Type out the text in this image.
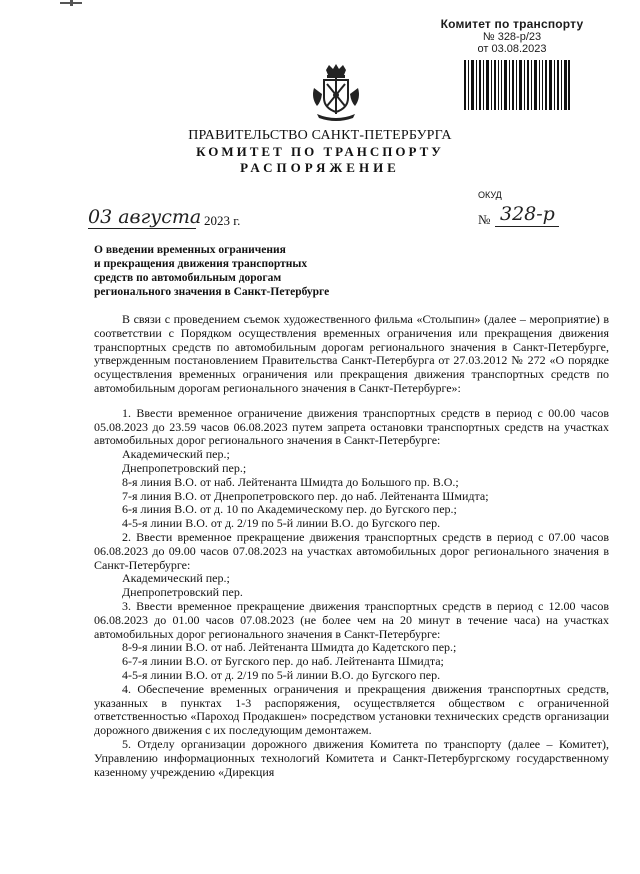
Комитет по транспорту
№ 328-р/23
от 03.08.2023
ПРАВИТЕЛЬСТВО САНКТ-ПЕТЕРБУРГА
КОМИТЕТ ПО ТРАНСПОРТУ
РАСПОРЯЖЕНИЕ
ОКУД
03 августа 2023 г.	№ 328-р
О введении временных ограничения
и прекращения движения транспортных
средств по автомобильным дорогам
регионального значения в Санкт-Петербурге

В связи с проведением съемок художественного фильма «Столыпин» (далее – мероприятие) в соответствии с Порядком осуществления временных ограничения или прекращения движения транспортных средств по автомобильным дорогам регионального значения в Санкт-Петербурге, утвержденным постановлением Правительства Санкт-Петербурга от 27.03.2012 № 272 «О порядке осуществления временных ограничения или прекращения движения транспортных средств по автомобильным дорогам регионального значения в Санкт-Петербурге»:

1. Ввести временное ограничение движения транспортных средств в период с 00.00 часов 05.08.2023 до 23.59 часов 06.08.2023 путем запрета остановки транспортных средств на участках автомобильных дорог регионального значения в Санкт-Петербурге:

Академический пер.;

Днепропетровский пер.;

8-я линия В.О. от наб. Лейтенанта Шмидта до Большого пр. В.О.;

7-я линия В.О. от Днепропетровского пер. до наб. Лейтенанта Шмидта;

6-я линия В.О. от д. 10 по Академическому пер. до Бугского пер.;

4-5-я линии В.О. от д. 2/19 по 5-й линии В.О. до Бугского пер.

2. Ввести временное прекращение движения транспортных средств в период с 07.00 часов 06.08.2023 до 09.00 часов 07.08.2023 на участках автомобильных дорог регионального значения в Санкт-Петербурге:

Академический пер.;

Днепропетровский пер.

3. Ввести временное прекращение движения транспортных средств в период с 12.00 часов 06.08.2023 до 01.00 часов 07.08.2023 (не более чем на 20 минут в течение часа) на участках автомобильных дорог регионального значения в Санкт-Петербурге:

8-9-я линии В.О. от наб. Лейтенанта Шмидта до Кадетского пер.;

6-7-я линии В.О. от Бугского пер. до наб. Лейтенанта Шмидта;

4-5-я линии В.О. от д. 2/19 по 5-й линии В.О. до Бугского пер.

4. Обеспечение временных ограничения и прекращения движения транспортных средств, указанных в пунктах 1-3 распоряжения, осуществляется обществом с ограниченной ответственностью «Пароход Продакшен» посредством установки технических средств организации дорожного движения с их последующим демонтажем.

5. Отделу организации дорожного движения Комитета по транспорту (далее – Комитет), Управлению информационных технологий Комитета и Санкт-Петербургскому государственному казенному учреждению «Дирекция
